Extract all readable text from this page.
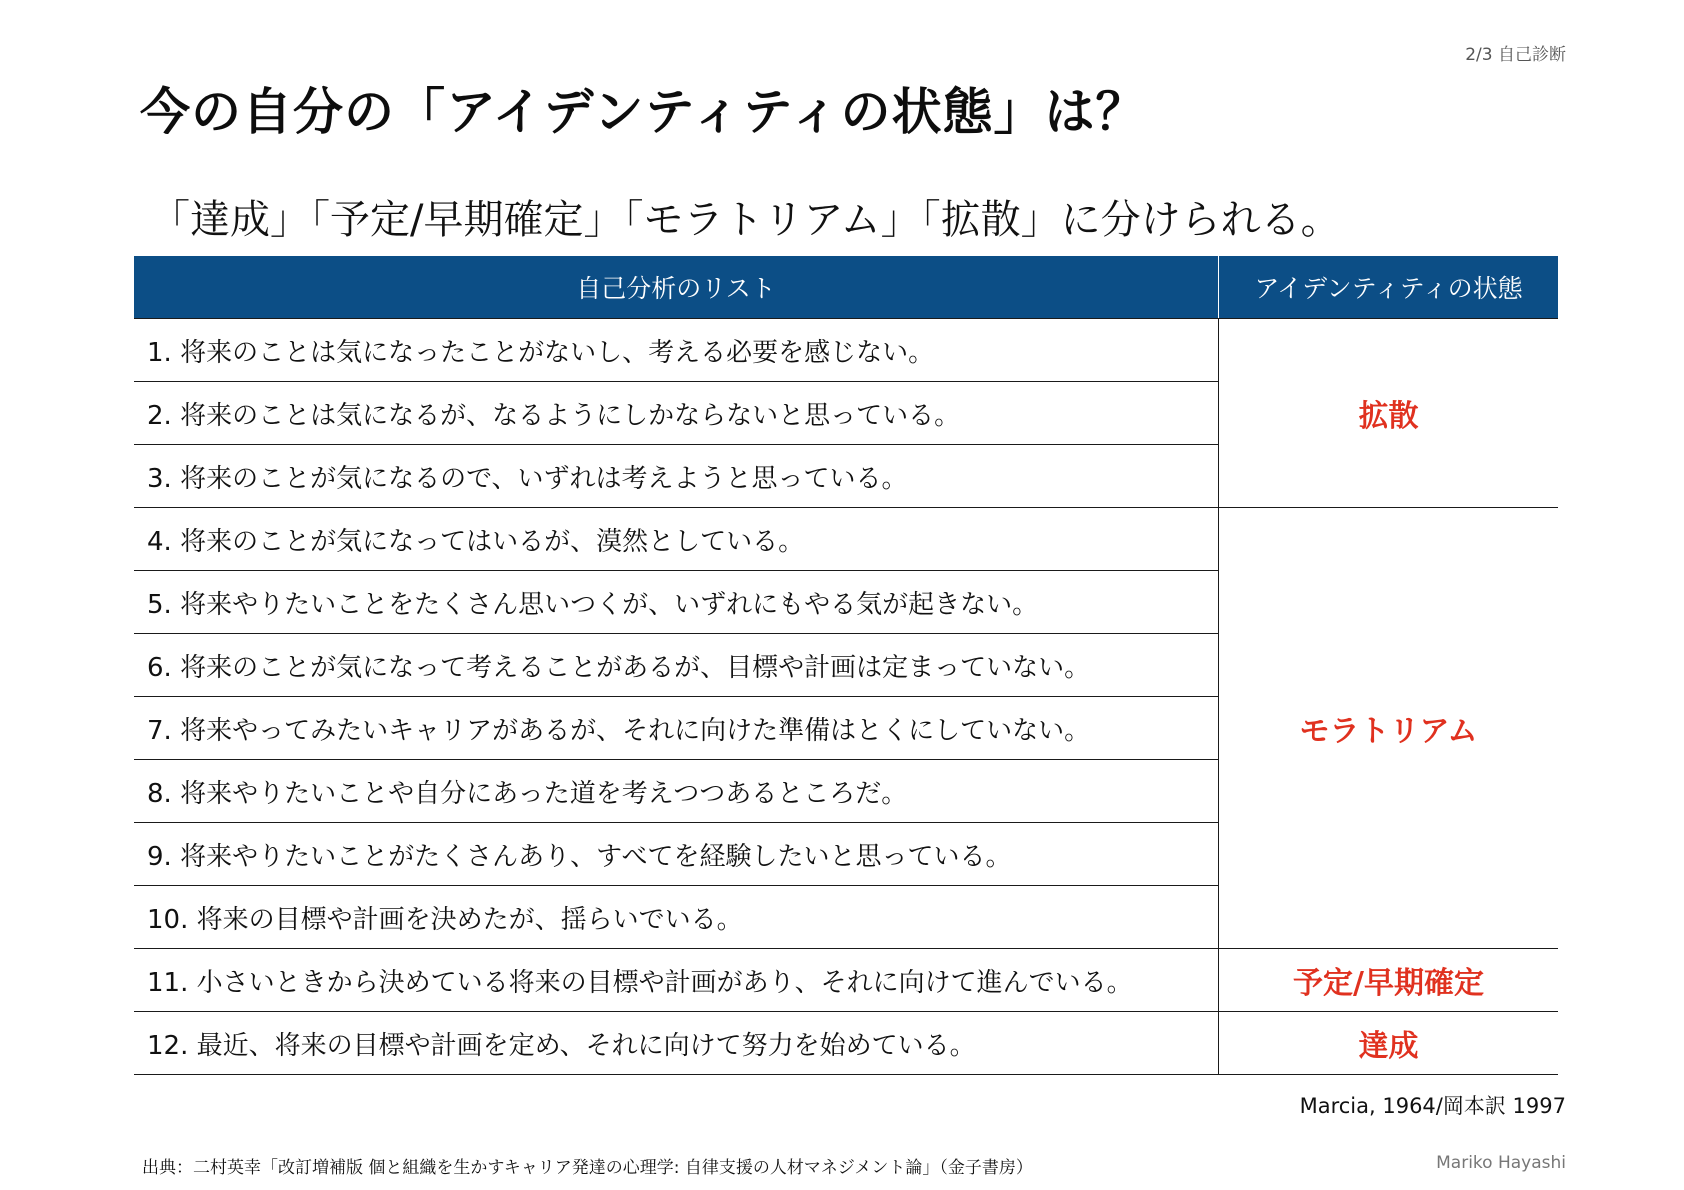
2/3 自己診断
今の自分の「アイデンティティの状態」は？
「達成」「予定/早期確定」「モラトリアム」「拡散」に分けられる。
自己分析のリスト	アイデンティティの状態
1. 将来のことは気になったことがないし、考える必要を感じない。	拡散
2. 将来のことは気になるが、なるようにしかならないと思っている。	
3. 将来のことが気になるので、いずれは考えようと思っている。	
4. 将来のことが気になってはいるが、漠然としている。	モラトリアム
5. 将来やりたいことをたくさん思いつくが、いずれにもやる気が起きない。	
6. 将来のことが気になって考えることがあるが、目標や計画は定まっていない。	
7. 将来やってみたいキャリアがあるが、それに向けた準備はとくにしていない。	
8. 将来やりたいことや自分にあった道を考えつつあるところだ。	
9. 将来やりたいことがたくさんあり、すべてを経験したいと思っている。	
10. 将来の目標や計画を決めたが、揺らいでいる。	
11. 小さいときから決めている将来の目標や計画があり、それに向けて進んでいる。	予定/早期確定
12. 最近、将来の目標や計画を定め、それに向けて努力を始めている。	達成
Marcia, 1964/岡本訳 1997
出典：二村英幸「改訂増補版 個と組織を生かすキャリア発達の心理学: 自律支援の人材マネジメント論」（金子書房）	Mariko Hayashi
